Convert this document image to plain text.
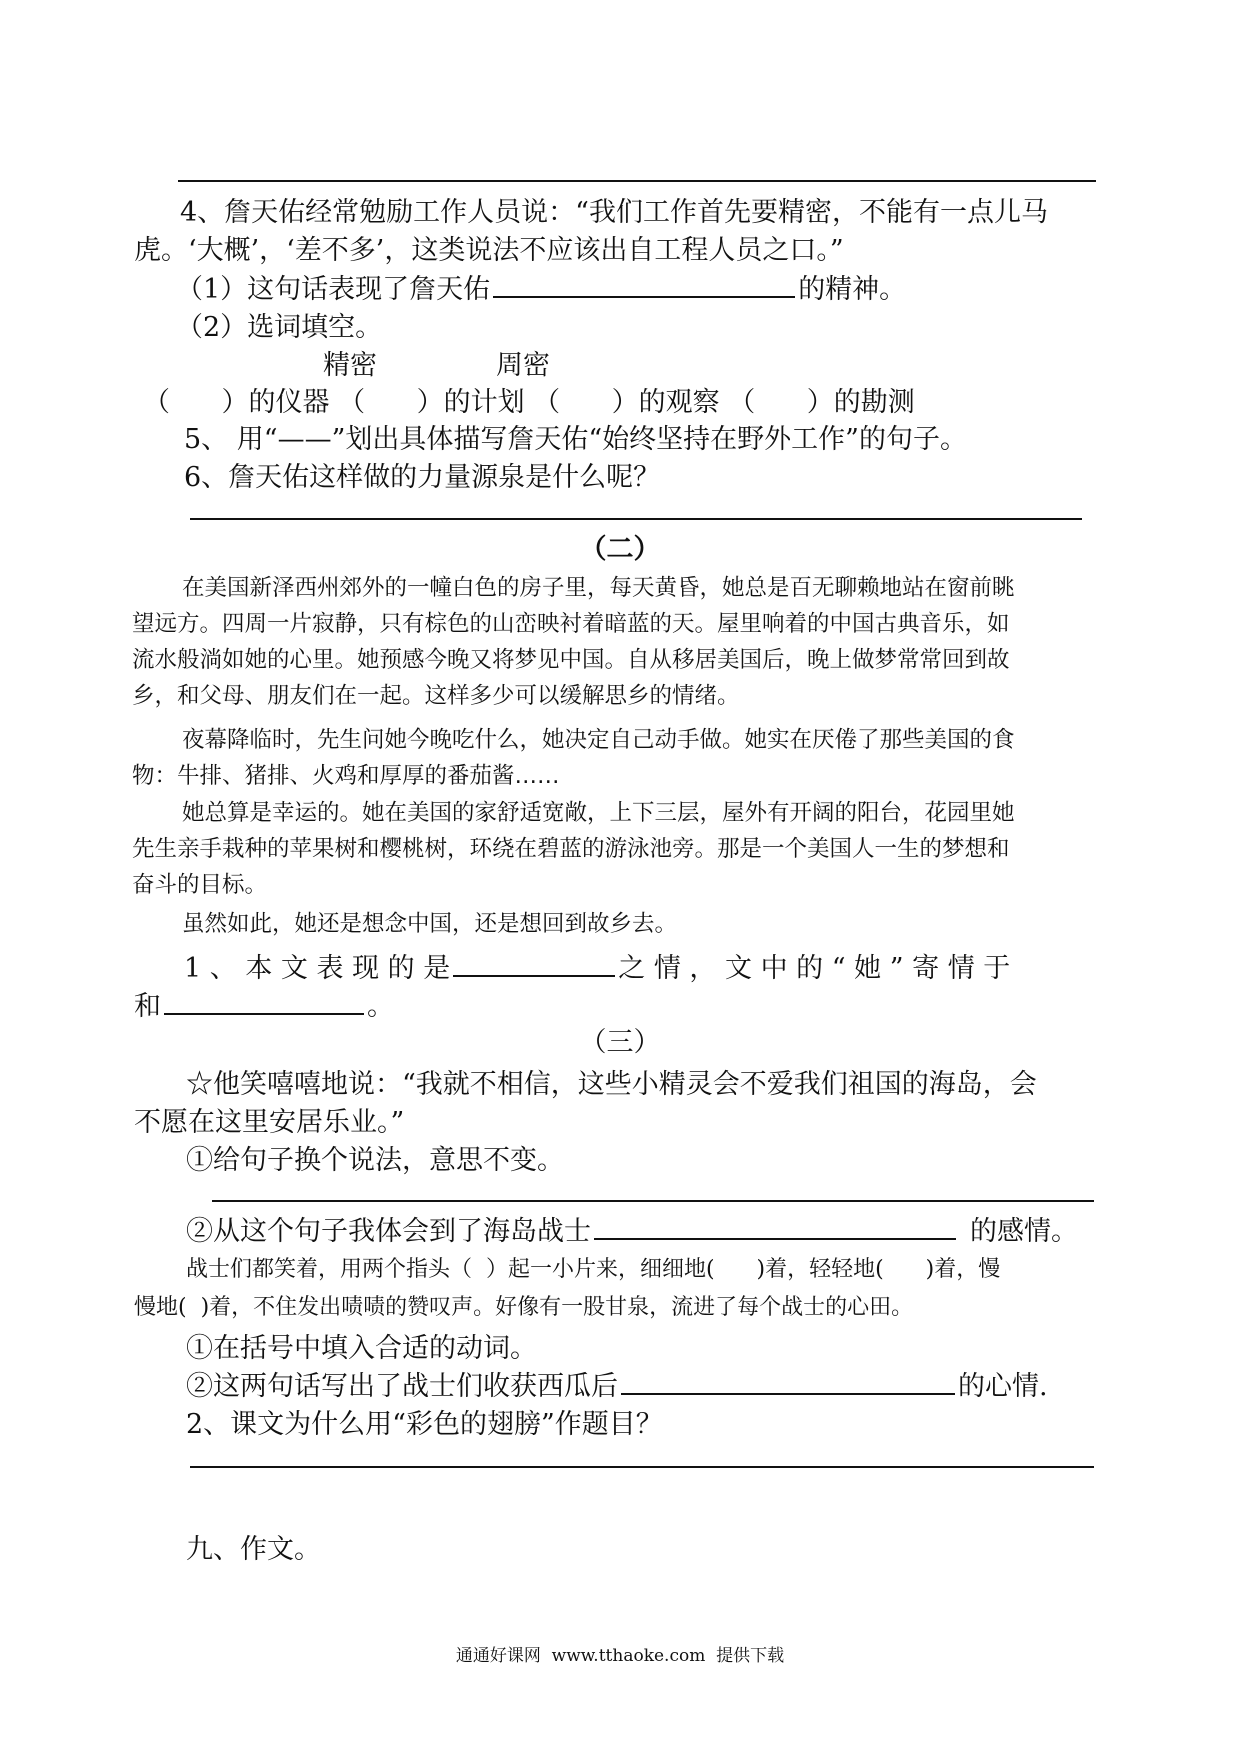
4、詹天佑经常勉励工作人员说：“我们工作首先要精密，不能有一点儿马
虎。‘大概’，‘差不多’，这类说法不应该出自工程人员之口。”
（1）这句话表现了詹天佑	的精神。
（2）选词填空。
精密	周密
（      ）的仪器 （      ）的计划 （      ）的观察 （      ）的勘测
5、 用“——”划出具体描写詹天佑“始终坚持在野外工作”的句子。
6、詹天佑这样做的力量源泉是什么呢？
（二）
在美国新泽西州郊外的一幢白色的房子里，每天黄昏，她总是百无聊赖地站在窗前眺
望远方。四周一片寂静，只有棕色的山峦映衬着暗蓝的天。屋里响着的中国古典音乐，如
流水般淌如她的心里。她预感今晚又将梦见中国。自从移居美国后，晚上做梦常常回到故
乡，和父母、朋友们在一起。这样多少可以缓解思乡的情绪。
夜幕降临时，先生问她今晚吃什么，她决定自己动手做。她实在厌倦了那些美国的食
物：牛排、猪排、火鸡和厚厚的番茄酱……
她总算是幸运的。她在美国的家舒适宽敞，上下三层，屋外有开阔的阳台，花园里她
先生亲手栽种的苹果树和樱桃树，环绕在碧蓝的游泳池旁。那是一个美国人一生的梦想和
奋斗的目标。
虽然如此，她还是想念中国，还是想回到故乡去。
1 、 本 文 表 现 的 是	之 情 ， 文 中 的 “ 她 ” 寄 情 于
和	。
（三）
☆他笑嘻嘻地说：“我就不相信，这些小精灵会不爱我们祖国的海岛，会
不愿在这里安居乐业。”
①给句子换个说法，意思不变。
②从这个句子我体会到了海岛战士	的感情。
战士们都笑着，用两个指头（  ）起一小片来，细细地(      )着，轻轻地(      )着，慢
慢地(  )着，不住发出啧啧的赞叹声。好像有一股甘泉，流进了每个战士的心田。
①在括号中填入合适的动词。
②这两句话写出了战士们收获西瓜后	的心情.
2、课文为什么用“彩色的翅膀”作题目？
九、作文。
通通好课网  www.tthaoke.com  提供下载
